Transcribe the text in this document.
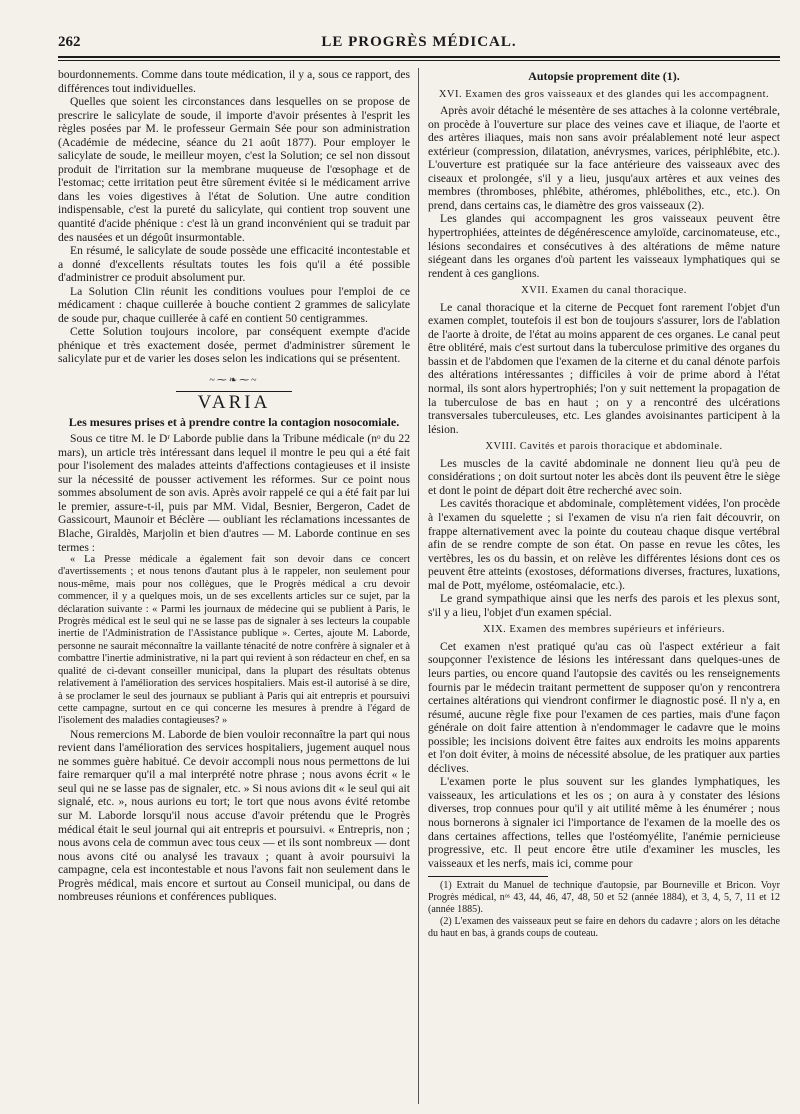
262	LE PROGRÈS MÉDICAL.

bourdonnements. Comme dans toute médication, il y a, sous ce rapport, des différences tout individuelles.

Quelles que soient les circonstances dans lesquelles on se propose de prescrire le salicylate de soude, il importe d'avoir présentes à l'esprit les règles posées par M. le professeur Germain Sée pour son administration (Académie de médecine, séance du 21 août 1877). Pour employer le salicylate de soude, le meilleur moyen, c'est la Solution; ce sel non dissout produit de l'irritation sur la membrane muqueuse de l'œsophage et de l'estomac; cette irritation peut être sûrement évitée si le médicament arrive dans les voies digestives à l'état de Solution. Une autre condition indispensable, c'est la pureté du salicylate, qui contient trop souvent une quantité d'acide phénique : c'est là un grand inconvénient qui se traduit par des nausées et un dégoût insurmontable.

En résumé, le salicylate de soude possède une efficacité incontestable et a donné d'excellents résultats toutes les fois qu'il a été possible d'administrer ce produit absolument pur.

La Solution Clin réunit les conditions voulues pour l'emploi de ce médicament : chaque cuillerée à bouche contient 2 grammes de salicylate de soude pur, chaque cuillerée à café en contient 50 centigrammes.

Cette Solution toujours incolore, par conséquent exempte d'acide phénique et très exactement dosée, permet d'administrer sûrement le salicylate pur et de varier les doses selon les indications qui se présentent.

~⁓❧⁓~
VARIA
Les mesures prises et à prendre contre la contagion nosocomiale.

Sous ce titre M. le Dʳ Laborde publie dans la Tribune médicale (nᵒ du 22 mars), un article très intéressant dans lequel il montre le peu qui a été fait pour l'isolement des malades atteints d'affections contagieuses et il insiste sur la nécessité de pousser activement les réformes. Sur ce point nous sommes absolument de son avis. Après avoir rappelé ce qui a été fait par lui le premier, assure-t-il, puis par MM. Vidal, Besnier, Bergeron, Cadet de Gassicourt, Maunoir et Béclère — oubliant les réclamations incessantes de Blache, Giraldès, Marjolin et bien d'autres — M. Laborde continue en ses termes :

« La Presse médicale a également fait son devoir dans ce concert d'avertissements ; et nous tenons d'autant plus à le rappeler, non seulement pour nous-même, mais pour nos collègues, que le Progrès médical a cru devoir commencer, il y a quelques mois, un de ses excellents articles sur ce sujet, par la déclaration suivante : « Parmi les journaux de médecine qui se publient à Paris, le Progrès médical est le seul qui ne se lasse pas de signaler à ses lecteurs la coupable inertie de l'Administration de l'Assistance publique ». Certes, ajoute M. Laborde, personne ne saurait méconnaître la vaillante ténacité de notre confrère à signaler et à combattre l'inertie administrative, ni la part qui revient à son rédacteur en chef, en sa qualité de ci-devant conseiller municipal, dans la plupart des résultats obtenus relativement à l'amélioration des services hospitaliers. Mais est-il autorisé à se dire, à se proclamer le seul des journaux se publiant à Paris qui ait entrepris et poursuivi cette campagne, surtout en ce qui concerne les mesures à prendre à l'égard de l'isolement des maladies contagieuses? »

Nous remercions M. Laborde de bien vouloir reconnaître la part qui nous revient dans l'amélioration des services hospitaliers, jugement auquel nous ne sommes guère habitué. Ce devoir accompli nous nous permettons de lui faire remarquer qu'il a mal interprété notre phrase ; nous avons écrit « le seul qui ne se lasse pas de signaler, etc. » Si nous avions dit « le seul qui ait signalé, etc. », nous aurions eu tort; le tort que nous avons évité retombe sur M. Laborde lorsqu'il nous accuse d'avoir prétendu que le Progrès médical était le seul journal qui ait entrepris et poursuivi. « Entrepris, non ; nous avons cela de commun avec tous ceux — et ils sont nombreux — dont nous avons cité ou analysé les travaux ; quant à avoir poursuivi la campagne, cela est incontestable et nous l'avons fait non seulement dans le Progrès médical, mais encore et surtout au Conseil municipal, ou dans de nombreuses réunions et conférences publiques.

Autopsie proprement dite (1).
XVI. Examen des gros vaisseaux et des glandes qui les accompagnent.

Après avoir détaché le mésentère de ses attaches à la colonne vertébrale, on procède à l'ouverture sur place des veines cave et iliaque, de l'aorte et des artères iliaques, mais non sans avoir préalablement noté leur aspect extérieur (compression, dilatation, anévrysmes, varices, périphlébite, etc.). L'ouverture est pratiquée sur la face antérieure des vaisseaux avec des ciseaux et prolongée, s'il y a lieu, jusqu'aux artères et aux veines des membres (thromboses, phlébite, athéromes, phlébolithes, etc., etc.). On prend, dans certains cas, le diamètre des gros vaisseaux (2).

Les glandes qui accompagnent les gros vaisseaux peuvent être hypertrophiées, atteintes de dégénérescence amyloïde, carcinomateuse, etc., lésions secondaires et consécutives à des altérations de même nature siégeant dans les organes d'où partent les vaisseaux lymphatiques qui se rendent à ces ganglions.

XVII. Examen du canal thoracique.

Le canal thoracique et la citerne de Pecquet font rarement l'objet d'un examen complet, toutefois il est bon de toujours s'assurer, lors de l'ablation de l'aorte à droite, de l'état au moins apparent de ces organes. Le canal peut être oblitéré, mais c'est surtout dans la tuberculose primitive des organes du bassin et de l'abdomen que l'examen de la citerne et du canal dénote parfois des altérations intéressantes ; difficiles à voir de prime abord à l'état normal, ils sont alors hypertrophiés; l'on y suit nettement la propagation de la tuberculose de bas en haut ; on y a rencontré des ulcérations transversales tuberculeuses, etc. Les glandes avoisinantes participent à la lésion.

XVIII. Cavités et parois thoracique et abdominale.

Les muscles de la cavité abdominale ne donnent lieu qu'à peu de considérations ; on doit surtout noter les abcès dont ils peuvent être le siège et dont le point de départ doit être recherché avec soin.

Les cavités thoracique et abdominale, complètement vidées, l'on procède à l'examen du squelette ; si l'examen de visu n'a rien fait découvrir, on frappe alternativement avec la pointe du couteau chaque disque vertébral afin de se rendre compte de son état. On passe en revue les côtes, les vertèbres, les os du bassin, et on relève les différentes lésions dont ces os peuvent être atteints (exostoses, déformations diverses, fractures, luxations, mal de Pott, myélome, ostéomalacie, etc.).

Le grand sympathique ainsi que les nerfs des parois et les plexus sont, s'il y a lieu, l'objet d'un examen spécial.

XIX. Examen des membres supérieurs et inférieurs.

Cet examen n'est pratiqué qu'au cas où l'aspect extérieur a fait soupçonner l'existence de lésions les intéressant dans quelques-unes de leurs parties, ou encore quand l'autopsie des cavités ou les renseignements fournis par le médecin traitant permettent de supposer qu'on y rencontrera certaines altérations qui viendront confirmer le diagnostic posé. Il n'y a, en résumé, aucune règle fixe pour l'examen de ces parties, mais d'une façon générale on doit faire attention à n'endommager le cadavre que le moins possible; les incisions doivent être faites aux endroits les moins apparents et l'on doit éviter, à moins de nécessité absolue, de les pratiquer aux parties déclives.

L'examen porte le plus souvent sur les glandes lymphatiques, les vaisseaux, les articulations et les os ; on aura à y constater des lésions diverses, trop connues pour qu'il y ait utilité même à les énumérer ; nous nous bornerons à signaler ici l'importance de l'examen de la moelle des os dans certaines affections, telles que l'ostéomyélite, l'anémie pernicieuse progressive, etc. Il peut encore être utile d'examiner les muscles, les vaisseaux et les nerfs, mais ici, comme pour

(1) Extrait du Manuel de technique d'autopsie, par Bourneville et Bricon. Voyr Progrès médical, nᵒˢ 43, 44, 46, 47, 48, 50 et 52 (année 1884), et 3, 4, 5, 7, 11 et 12 (année 1885).

(2) L'examen des vaisseaux peut se faire en dehors du cadavre ; alors on les détache du haut en bas, à grands coups de couteau.
